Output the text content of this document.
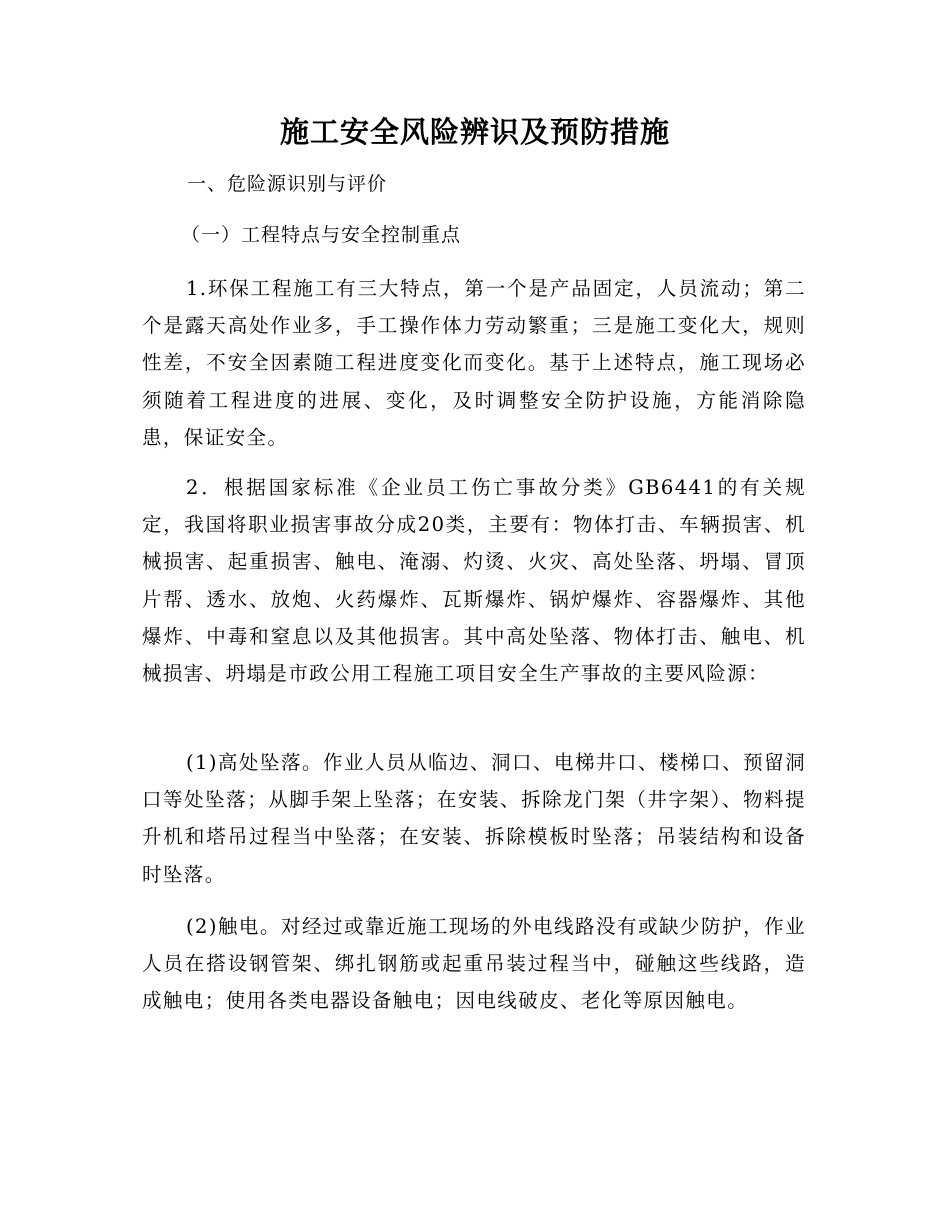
施工安全风险辨识及预防措施
一、危险源识别与评价
（一）工程特点与安全控制重点

1.环保工程施工有三大特点，第一个是产品固定，人员流动；第二个是露天高处作业多，手工操作体力劳动繁重；三是施工变化大，规则性差，不安全因素随工程进度变化而变化。基于上述特点，施工现场必须随着工程进度的进展、变化，及时调整安全防护设施，方能消除隐患，保证安全。

2．根据国家标准《企业员工伤亡事故分类》GB6441的有关规定，我国将职业损害事故分成20类，主要有：物体打击、车辆损害、机械损害、起重损害、触电、淹溺、灼烫、火灾、高处坠落、坍塌、冒顶片帮、透水、放炮、火药爆炸、瓦斯爆炸、锅炉爆炸、容器爆炸、其他爆炸、中毒和窒息以及其他损害。其中高处坠落、物体打击、触电、机械损害、坍塌是市政公用工程施工项目安全生产事故的主要风险源：

(1)高处坠落。作业人员从临边、洞口、电梯井口、楼梯口、预留洞口等处坠落；从脚手架上坠落；在安装、拆除龙门架（井字架）、物料提升机和塔吊过程当中坠落；在安装、拆除模板时坠落；吊装结构和设备时坠落。

(2)触电。对经过或靠近施工现场的外电线路没有或缺少防护，作业人员在搭设钢管架、绑扎钢筋或起重吊装过程当中，碰触这些线路，造成触电；使用各类电器设备触电；因电线破皮、老化等原因触电。
